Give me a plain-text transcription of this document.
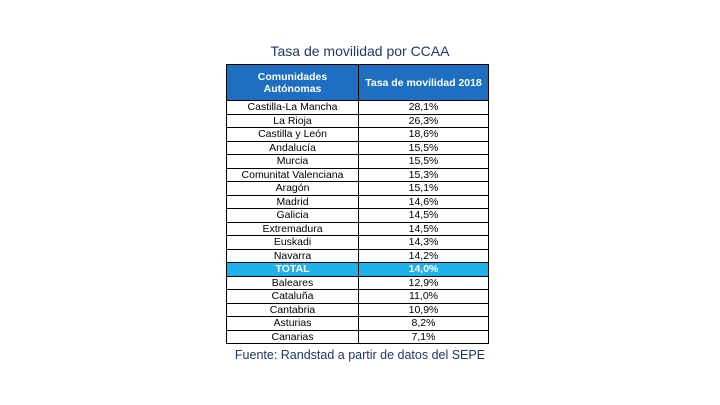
Tasa de movilidad por CCAA
Comunidades Autónomas	Tasa de movilidad 2018
Castilla-La Mancha	28,1%
La Rioja	26,3%
Castilla y León	18,6%
Andalucía	15,5%
Murcia	15,5%
Comunitat Valenciana	15,3%
Aragón	15,1%
Madrid	14,6%
Galicia	14,5%
Extremadura	14,5%
Euskadi	14,3%
Navarra	14,2%
TOTAL	14,0%
Baleares	12,9%
Cataluña	11,0%
Cantabria	10,9%
Asturias	8,2%
Canarias	7,1%
Fuente: Randstad a partir de datos del SEPE
